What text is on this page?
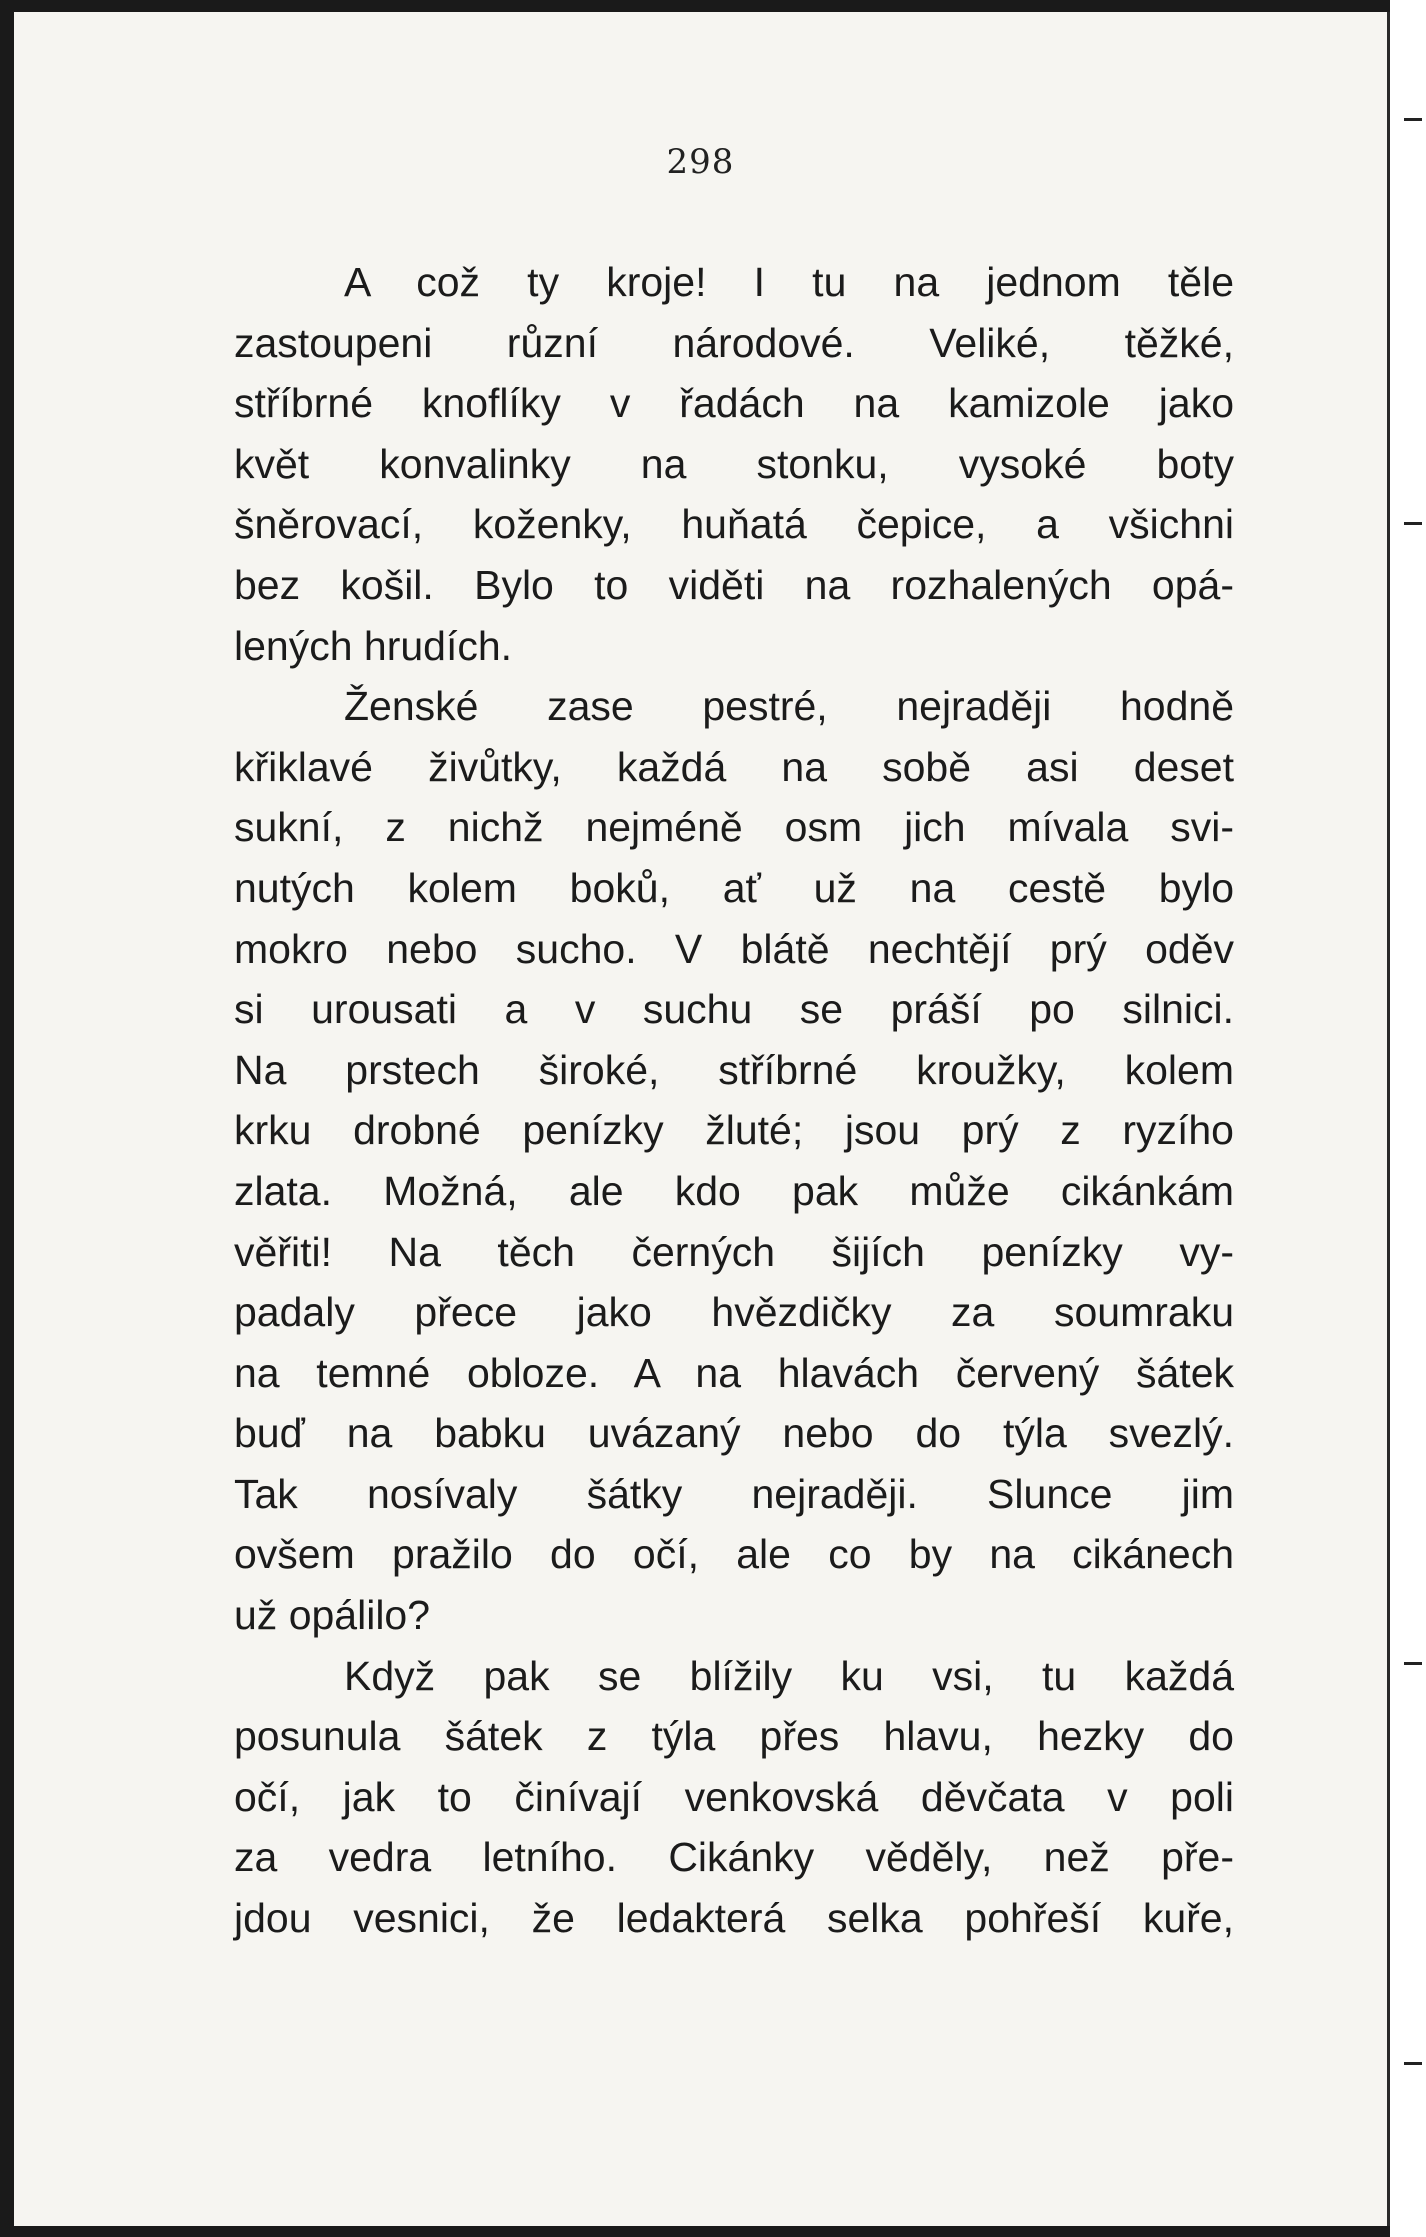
298
A což ty kroje! I tu na jednom těle
zastoupeni různí národové. Veliké, těžké,
stříbrné knoflíky v řadách na kamizole jako
květ konvalinky na stonku, vysoké boty
šněrovací, koženky, huňatá čepice, a všichni
bez košil. Bylo to viděti na rozhalených opá-
lených hrudích.
Ženské zase pestré, nejraději hodně
křiklavé živůtky, každá na sobě asi deset
sukní, z nichž nejméně osm jich mívala svi-
nutých kolem boků, ať už na cestě bylo
mokro nebo sucho. V blátě nechtějí prý oděv
si urousati a v suchu se práší po silnici.
Na prstech široké, stříbrné kroužky, kolem
krku drobné penízky žluté; jsou prý z ryzího
zlata. Možná, ale kdo pak může cikánkám
věřiti! Na těch černých šijích penízky vy-
padaly přece jako hvězdičky za soumraku
na temné obloze. A na hlavách červený šátek
buď na babku uvázaný nebo do týla svezlý.
Tak nosívaly šátky nejraději. Slunce jim
ovšem pražilo do očí, ale co by na cikánech
už opálilo?
Když pak se blížily ku vsi, tu každá
posunula šátek z týla přes hlavu, hezky do
očí, jak to činívají venkovská děvčata v poli
za vedra letního. Cikánky věděly, než pře-
jdou vesnici, že ledakterá selka pohřeší kuře,
